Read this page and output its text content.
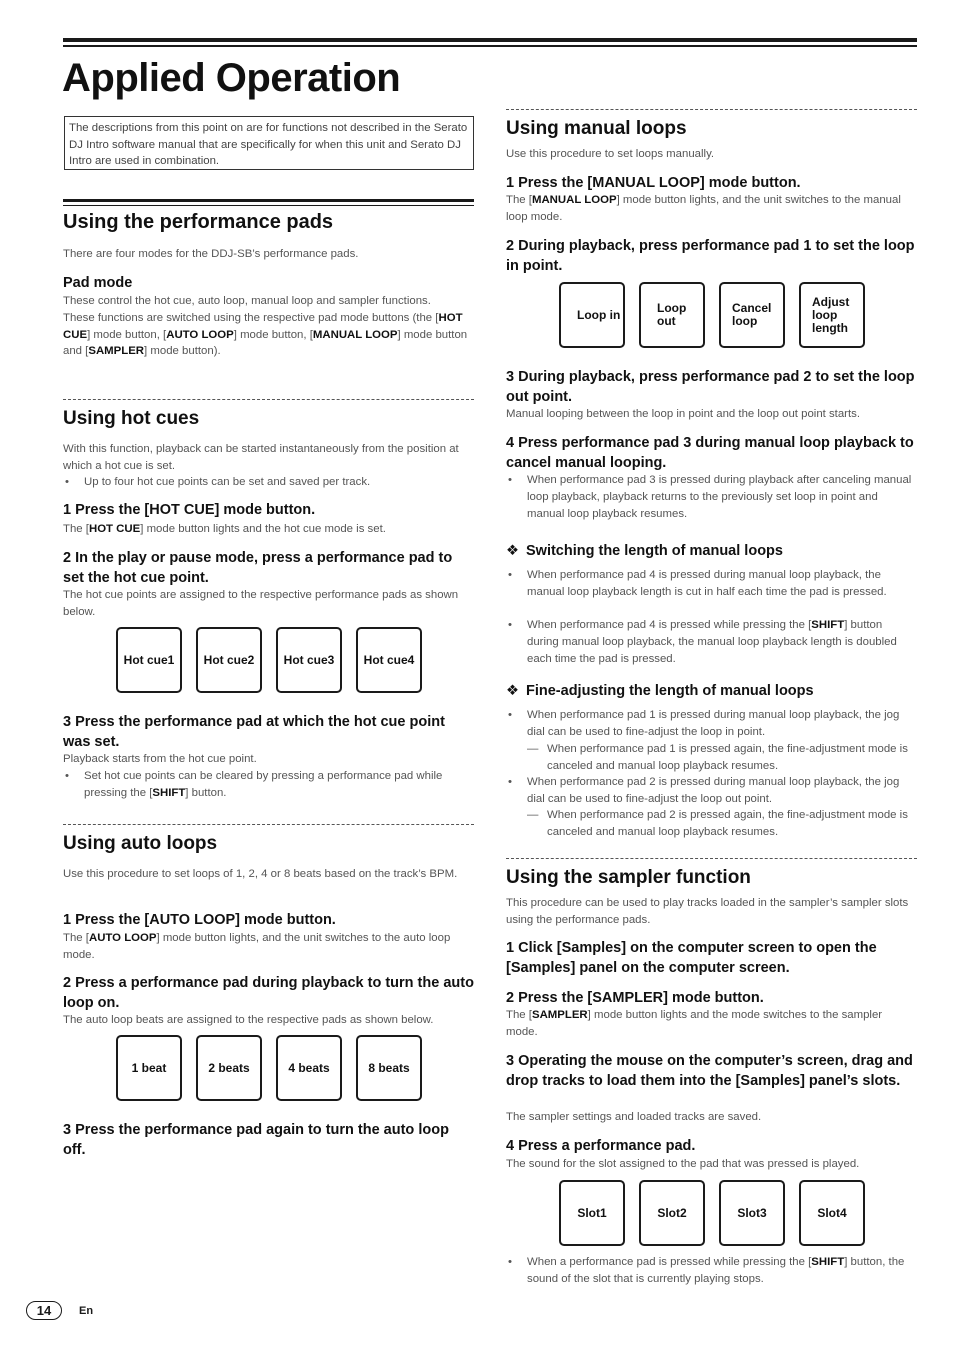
Applied Operation
The descriptions from this point on are for functions not described in the Serato DJ Intro software manual that are specifically for when this unit and Serato DJ Intro are used in combination.
Using the performance pads
There are four modes for the DDJ-SB’s performance pads.
Pad mode
These control the hot cue, auto loop, manual loop and sampler functions.
These functions are switched using the respective pad mode buttons (the [HOT CUE] mode button, [AUTO LOOP] mode button, [MANUAL LOOP] mode button and [SAMPLER] mode button).
Using hot cues
With this function, playback can be started instantaneously from the position at which a hot cue is set.
• Up to four hot cue points can be set and saved per track.
1 Press the [HOT CUE] mode button.
The [HOT CUE] mode button lights and the hot cue mode is set.
2 In the play or pause mode, press a performance pad to set the hot cue point.
The hot cue points are assigned to the respective performance pads as shown below.
Hot cue1	Hot cue2	Hot cue3	Hot cue4
3 Press the performance pad at which the hot cue point was set.
Playback starts from the hot cue point.
• Set hot cue points can be cleared by pressing a performance pad while pressing the [SHIFT] button.
Using auto loops
Use this procedure to set loops of 1, 2, 4 or 8 beats based on the track’s BPM.
1 Press the [AUTO LOOP] mode button.
The [AUTO LOOP] mode button lights, and the unit switches to the auto loop mode.
2 Press a performance pad during playback to turn the auto loop on.
The auto loop beats are assigned to the respective pads as shown below.
1 beat	2 beats	4 beats	8 beats
3 Press the performance pad again to turn the auto loop off.
Using manual loops
Use this procedure to set loops manually.
1 Press the [MANUAL LOOP] mode button.
The [MANUAL LOOP] mode button lights, and the unit switches to the manual loop mode.
2 During playback, press performance pad 1 to set the loop in point.
Loop in	Loop out
Cancel loop
Adjust loop length
3 During playback, press performance pad 2 to set the loop out point.
Manual looping between the loop in point and the loop out point starts.
4 Press performance pad 3 during manual loop playback to cancel manual looping.
• When performance pad 3 is pressed during playback after canceling manual loop playback, playback returns to the previously set loop in point and manual loop playback resumes.
❖ Switching the length of manual loops
• When performance pad 4 is pressed during manual loop playback, the manual loop playback length is cut in half each time the pad is pressed.
• When performance pad 4 is pressed while pressing the [SHIFT] button during manual loop playback, the manual loop playback length is doubled each time the pad is pressed.
❖ Fine-adjusting the length of manual loops
• When performance pad 1 is pressed during manual loop playback, the jog dial can be used to fine-adjust the loop in point.
— When performance pad 1 is pressed again, the fine-adjustment mode is canceled and manual loop playback resumes.
• When performance pad 2 is pressed during manual loop playback, the jog dial can be used to fine-adjust the loop out point.
— When performance pad 2 is pressed again, the fine-adjustment mode is canceled and manual loop playback resumes.
Using the sampler function
This procedure can be used to play tracks loaded in the sampler’s sampler slots using the performance pads.
1 Click [Samples] on the computer screen to open the [Samples] panel on the computer screen.
2 Press the [SAMPLER] mode button.
The [SAMPLER] mode button lights and the mode switches to the sampler mode.
3 Operating the mouse on the computer’s screen, drag and drop tracks to load them into the [Samples] panel’s slots.
The sampler settings and loaded tracks are saved.
4 Press a performance pad.
The sound for the slot assigned to the pad that was pressed is played.
Slot1	Slot2	Slot3	Slot4
• When a performance pad is pressed while pressing the [SHIFT] button, the sound of the slot that is currently playing stops.
14	En
